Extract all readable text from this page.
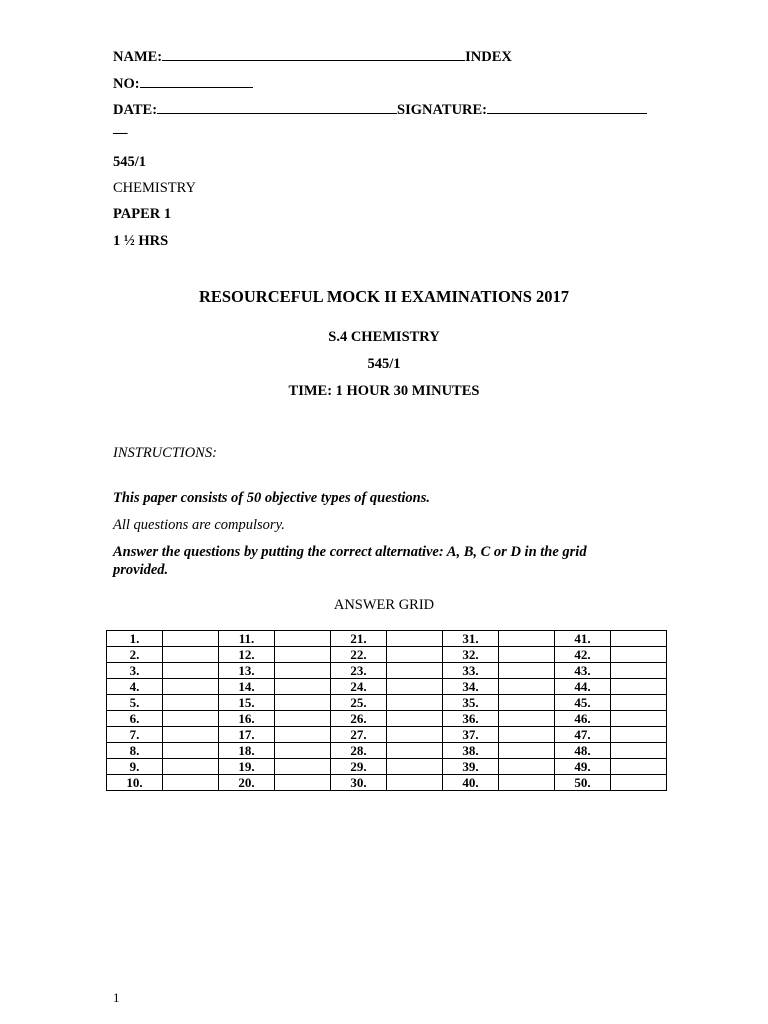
NAME:	INDEX
NO:
DATE:	SIGNATURE:
—
545/1
CHEMISTRY
PAPER 1
1 ½ HRS
RESOURCEFUL MOCK II EXAMINATIONS 2017
S.4 CHEMISTRY
545/1
TIME: 1 HOUR 30 MINUTES
INSTRUCTIONS:
This paper consists of 50 objective types of questions.
All questions are compulsory.
Answer the questions by putting the correct alternative: A, B, C or D in the grid provided.
ANSWER GRID
1.		11.		21.		31.		41.	
2.		12.		22.		32.		42.	
3.		13.		23.		33.		43.	
4.		14.		24.		34.		44.	
5.		15.		25.		35.		45.	
6.		16.		26.		36.		46.	
7.		17.		27.		37.		47.	
8.		18.		28.		38.		48.	
9.		19.		29.		39.		49.	
10.		20.		30.		40.		50.	
1
